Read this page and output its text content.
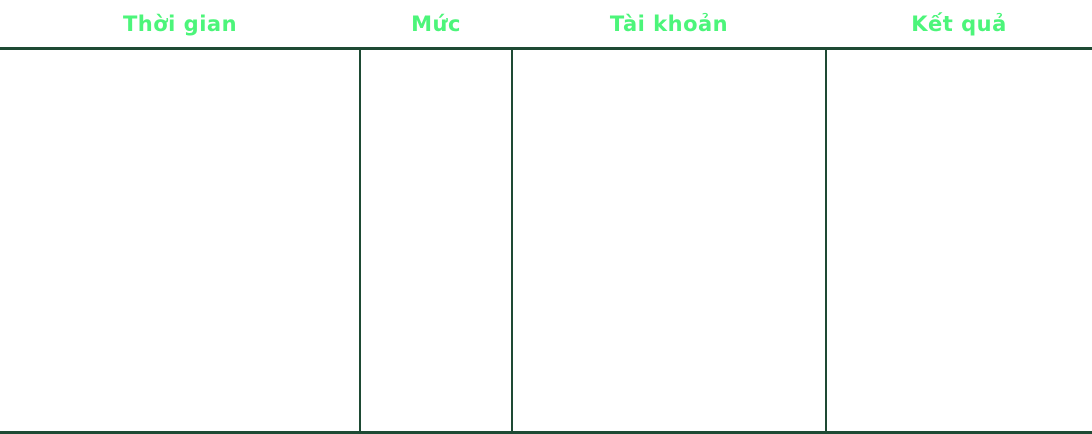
Thời gian	Mức	Tài khoản	Kết quả
